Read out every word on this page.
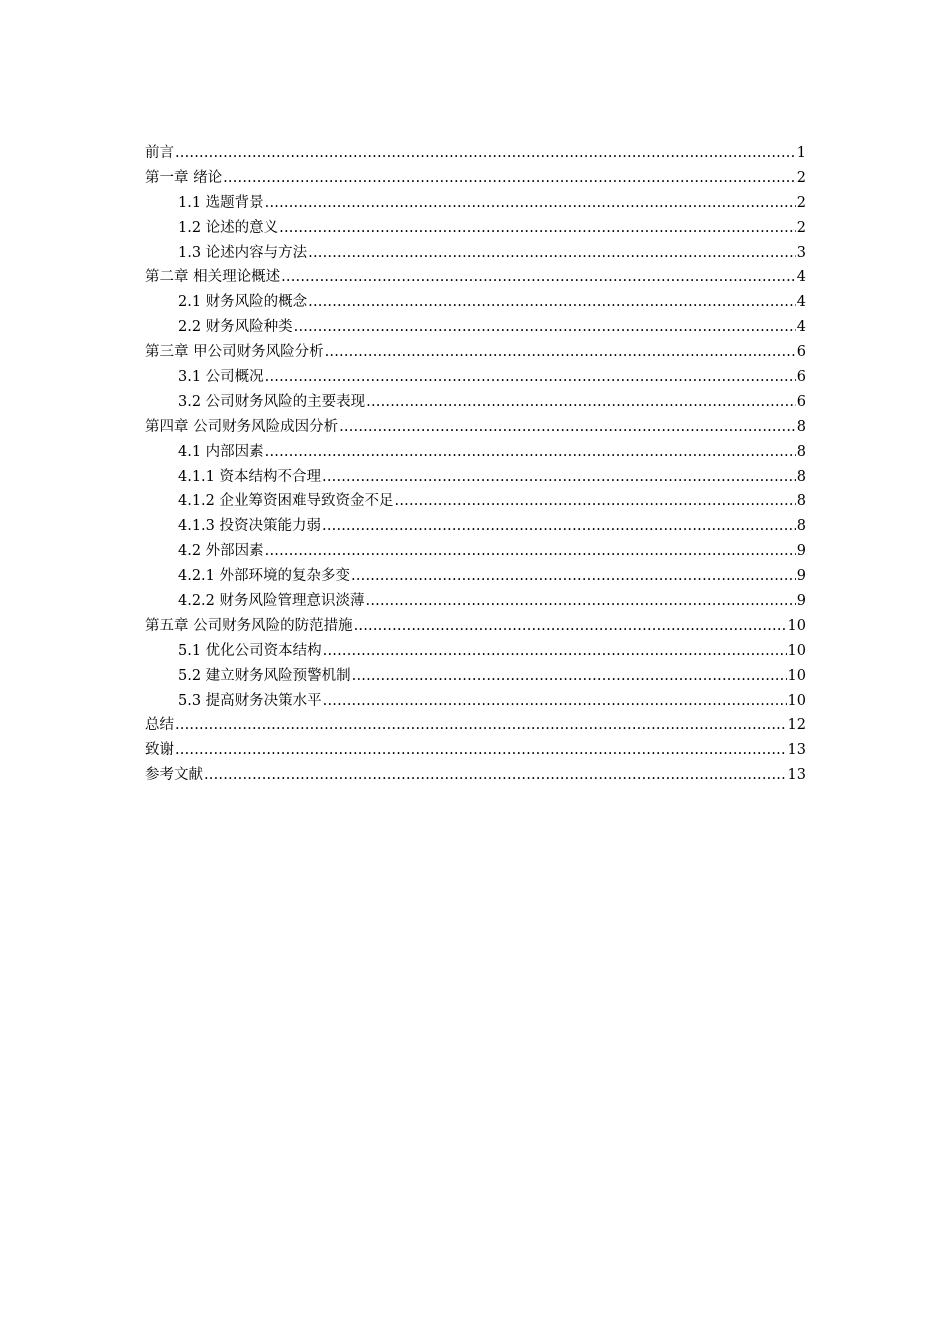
前言 .....	1
第一章 绪论 .....	2
1.1 选题背景 .....	2
1.2 论述的意义 .....	2
1.3 论述内容与方法 .....	3
第二章 相关理论概述 .....	4
2.1 财务风险的概念 .....	4
2.2 财务风险种类 .....	4
第三章 甲公司财务风险分析 .....	6
3.1 公司概况 .....	6
3.2 公司财务风险的主要表现 .....	6
第四章 公司财务风险成因分析 .....	8
4.1 内部因素 .....	8
4.1.1 资本结构不合理 .....	8
4.1.2 企业筹资困难导致资金不足 .....	8
4.1.3 投资决策能力弱 .....	8
4.2 外部因素 .....	9
4.2.1 外部环境的复杂多变 .....	9
4.2.2 财务风险管理意识淡薄 .....	9
第五章 公司财务风险的防范措施 .....	10
5.1 优化公司资本结构 .....	10
5.2 建立财务风险预警机制 .....	10
5.3 提高财务决策水平 .....	10
总结 .....	12
致谢 .....	13
参考文献 .....	13
